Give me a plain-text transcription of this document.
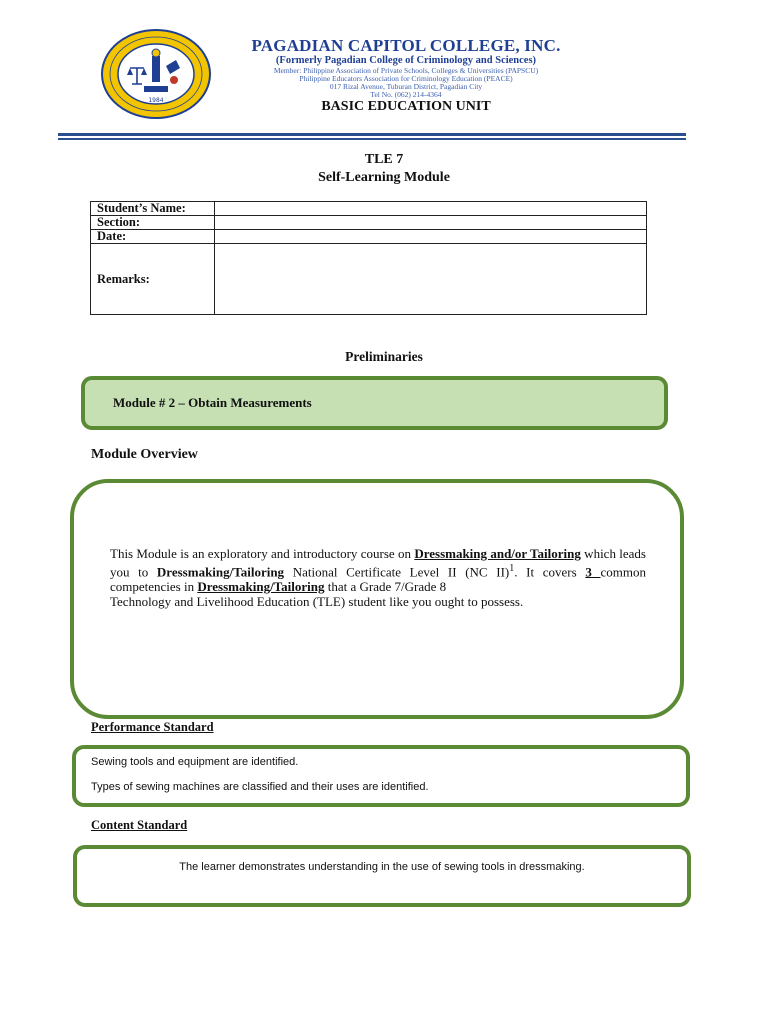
1984
PAGADIAN CAPITOL COLLEGE, INC.
(Formerly Pagadian College of Criminology and Sciences)
Member: Philippine Association of Private Schools, Colleges & Universities (PAPSCU)
Philippine Educators Association for Criminology Education (PEACE)
017 Rizal Avenue, Tuburan District, Pagadian City
Tel No. (062) 214-4364
BASIC EDUCATION UNIT
TLE 7
Self-Learning Module
Student’s Name:	
Section:	
Date:	
Remarks:	
Preliminaries
Module # 2 – Obtain Measurements
Module Overview

This Module is an exploratory and introductory course on Dressmaking and/or Tailoring which leads you to Dressmaking/Tailoring National Certificate Level II (NC II)$^1$. It covers 3 common competencies in Dressmaking/Tailoring that a Grade 7/Grade 8

Technology and Livelihood Education (TLE) student like you ought to possess.

Performance Standard
Sewing tools and equipment are identified.
Types of sewing machines are classified and their uses are identified.
Content Standard
The learner demonstrates understanding in the use of sewing tools in dressmaking.
